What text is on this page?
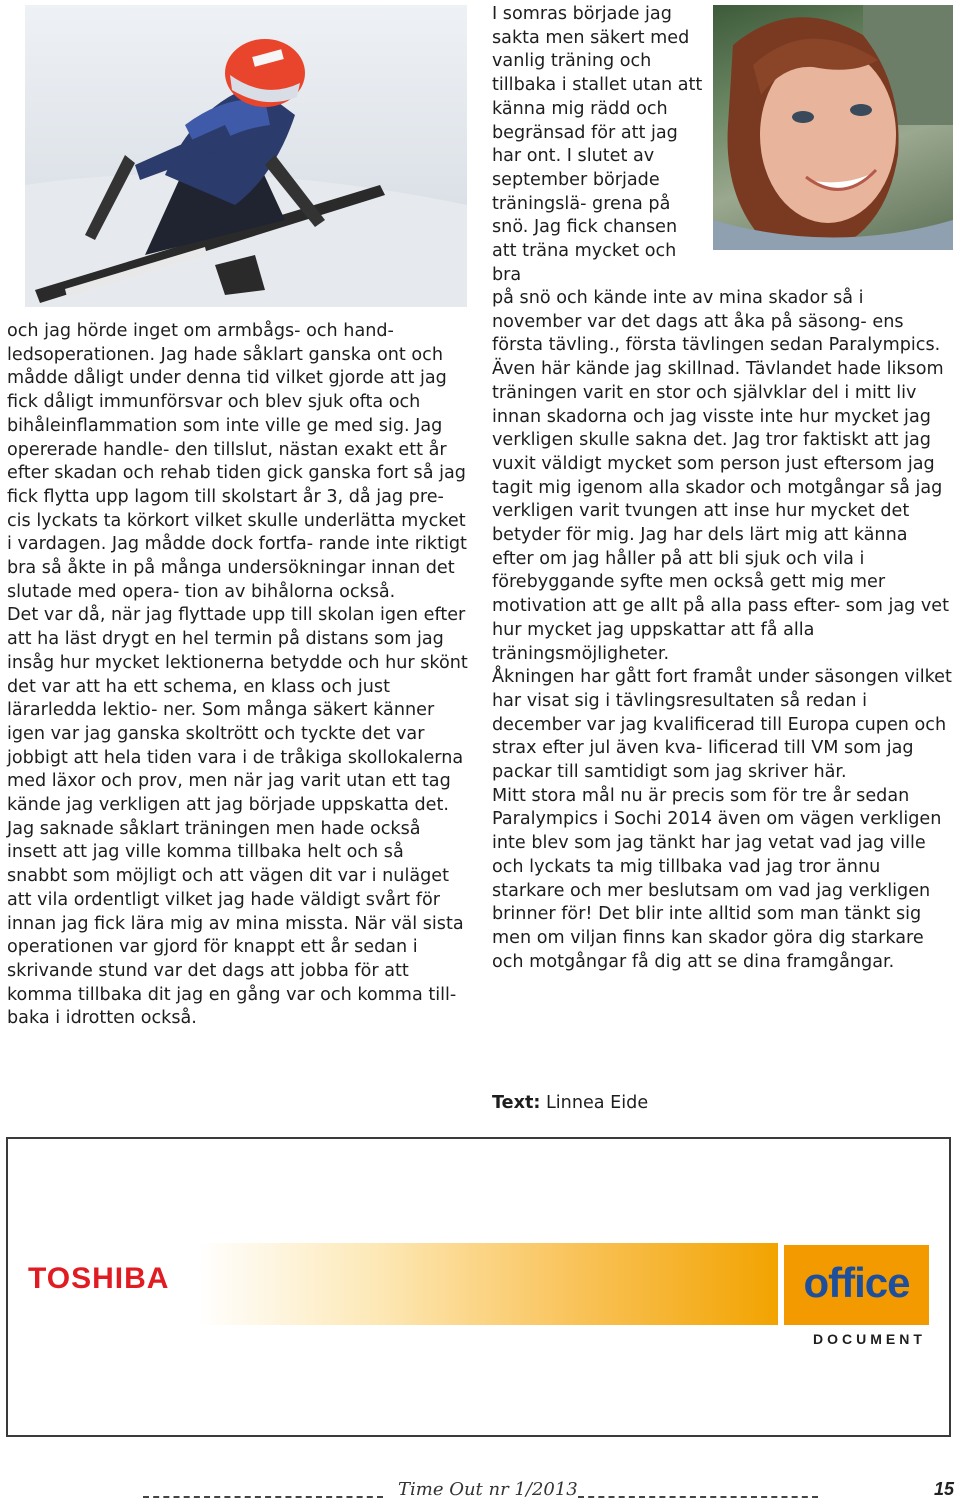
I somras började jag sakta men säkert med vanlig träning och tillbaka i stallet utan att känna mig rädd och begränsad för att jag har ont. I slutet av september började träningslä- grena på snö. Jag fick chansen att träna mycket och bra

på snö och kände inte av mina skador så i november var det dags att åka på säsong- ens första tävling., första tävlingen sedan Paralympics.

Även här kände jag skillnad. Tävlandet hade liksom träningen varit en stor och självklar del i mitt liv innan skadorna och jag visste inte hur mycket jag verkligen skulle sakna det. Jag tror faktiskt att jag vuxit väldigt mycket som person just eftersom jag tagit mig igenom alla skador och motgångar så jag verkligen varit tvungen att inse hur mycket det betyder för mig. Jag har dels lärt mig att känna efter om jag håller på att bli sjuk och vila i förebyggande syfte men också gett mig mer motivation att ge allt på alla pass efter- som jag vet hur mycket jag uppskattar att få alla träningsmöjligheter.

Åkningen har gått fort framåt under säsongen vilket har visat sig i tävlingsresultaten så redan i december var jag kvalificerad till Europa cupen och strax efter jul även kva- lificerad till VM som jag packar till samtidigt som jag skriver här.

Mitt stora mål nu är precis som för tre år sedan Paralympics i Sochi 2014 även om vägen verkligen inte blev som jag tänkt har jag vetat vad jag ville och lyckats ta mig tillbaka vad jag tror ännu starkare och mer beslutsam om vad jag verkligen brinner för! Det blir inte alltid som man tänkt sig men om viljan finns kan skador göra dig starkare och motgångar få dig att se dina framgångar.

och jag hörde inget om armbågs- och hand- ledsoperationen. Jag hade såklart ganska ont och mådde dåligt under denna tid vilket gjorde att jag fick dåligt immunförsvar och blev sjuk ofta och bihåleinflammation som inte ville ge med sig. Jag opererade handle- den tillslut, nästan exakt ett år efter skadan och rehab tiden gick ganska fort så jag fick flytta upp lagom till skolstart år 3, då jag pre- cis lyckats ta körkort vilket skulle underlätta mycket i vardagen. Jag mådde dock fortfa- rande inte riktigt bra så åkte in på många undersökningar innan det slutade med opera- tion av bihålorna också.

Det var då, när jag flyttade upp till skolan igen efter att ha läst drygt en hel termin på distans som jag insåg hur mycket lektionerna betydde och hur skönt det var att ha ett schema, en klass och just lärarledda lektio- ner. Som många säkert känner igen var jag ganska skoltrött och tyckte det var jobbigt att hela tiden vara i de tråkiga skollokalerna med läxor och prov, men när jag varit utan ett tag kände jag verkligen att jag började uppskatta det. Jag saknade såklart träningen men hade också insett att jag ville komma tillbaka helt och så snabbt som möjligt och att vägen dit var i nuläget att vila ordentligt vilket jag hade väldigt svårt för innan jag fick lära mig av mina missta. När väl sista operationen var gjord för knappt ett år sedan i skrivande stund var det dags att jobba för att komma tillbaka dit jag en gång var och komma till- baka i idrotten också.

Text: Linnea Eide
TOSHIBA	office
DOCUMENT
Time Out nr 1/2013	15
